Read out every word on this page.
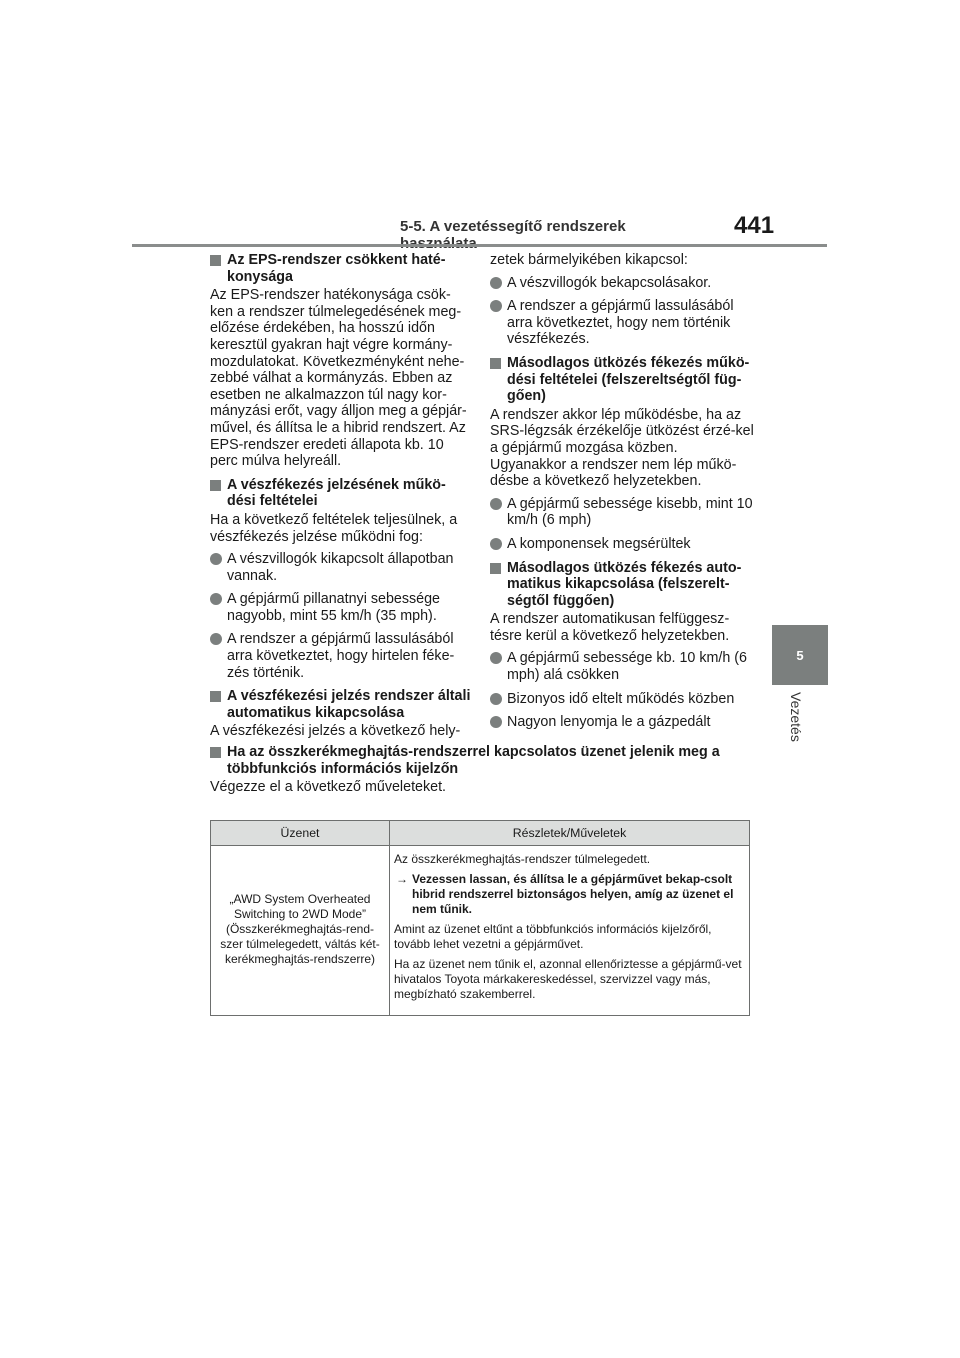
5-5. A vezetéssegítő rendszerek	441
5
Vezetés
Az EPS-rendszer csökkent haté-konysága
Az EPS-rendszer hatékonysága csök-ken a rendszer túlmelegedésének meg-előzése érdekében, ha hosszú időn keresztül gyakran hajt végre kormány-mozdulatokat. Következményként nehe-zebbé válhat a kormányzás. Ebben az esetben ne alkalmazzon túl nagy kor-mányzási erőt, vagy álljon meg a gépjár-művel, és állítsa le a hibrid rendszert. Az EPS-rendszer eredeti állapota kb. 10 perc múlva helyreáll.
A vészfékezés jelzésének műkö-dési feltételei
Ha a következő feltételek teljesülnek, a vészfékezés jelzése működni fog:
A vészvillogók kikapcsolt állapotban vannak.
A gépjármű pillanatnyi sebessége nagyobb, mint 55 km/h (35 mph).
A rendszer a gépjármű lassulásából arra következtet, hogy hirtelen féke-zés történik.
A vészfékezési jelzés rendszer általi automatikus kikapcsolása
A vészfékezési jelzés a következő hely-
zetek bármelyikében kikapcsol:
A vészvillogók bekapcsolásakor.
A rendszer a gépjármű lassulásából arra következtet, hogy nem történik vészfékezés.
Másodlagos ütközés fékezés műkö-dési feltételei (felszereltségtől füg-gően)
A rendszer akkor lép működésbe, ha az SRS-légzsák érzékelője ütközést érzé-kel a gépjármű mozgása közben. Ugyanakkor a rendszer nem lép műkö-désbe a következő helyzetekben.
A gépjármű sebessége kisebb, mint 10 km/h (6 mph)
A komponensek megsérültek
Másodlagos ütközés fékezés auto-matikus kikapcsolása (felszerelt-ségtől függően)
A rendszer automatikusan felfüggesz-tésre kerül a következő helyzetekben.
A gépjármű sebessége kb. 10 km/h (6 mph) alá csökken
Bizonyos idő eltelt működés közben
Nagyon lenyomja le a gázpedált
Ha az összkerékmeghajtás-rendszerrel kapcsolatos üzenet jelenik meg a többfunkciós információs kijelzőn
Végezze el a következő műveleteket.
Üzenet	Részletek/Műveletek
„AWD System Overheated Switching to 2WD Mode” (Összkerékmeghajtás-rend-szer túlmelegedett, váltás két-kerékmeghajtás-rendszerre)	Az összkerékmeghajtás-rendszer túlmelegedett.
→ Vezessen lassan, és állítsa le a gépjárművet bekap-csolt hibrid rendszerrel biztonságos helyen, amíg az üzenet el nem tűnik.
Amint az üzenet eltűnt a többfunkciós információs kijelzőről, tovább lehet vezetni a gépjárművet.
Ha az üzenet nem tűnik el, azonnal ellenőriztesse a gépjármű-vet hivatalos Toyota márkakereskedéssel, szervizzel vagy más, megbízható szakemberrel.
